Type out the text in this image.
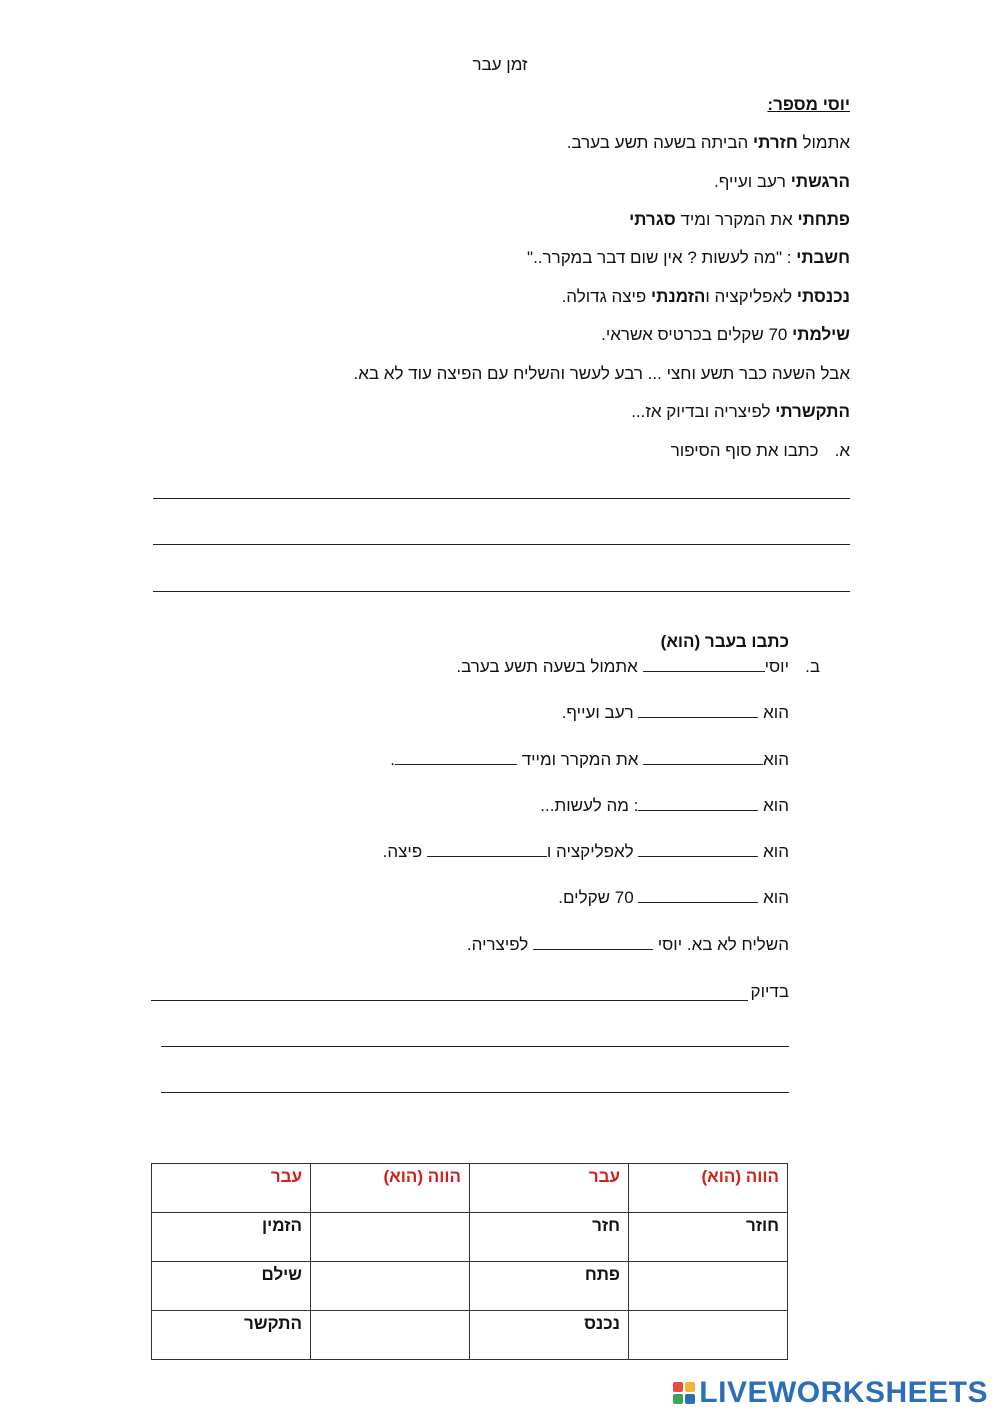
זמן עבר
יוסי מספר:
אתמול חזרתי הביתה בשעה תשע בערב.
הרגשתי רעב ועייף.
פתחתי את המקרר ומיד סגרתי
חשבתי : "מה לעשות ? אין שום דבר במקרר.."
נכנסתי לאפליקציה והזמנתי פיצה גדולה.
שילמתי 70 שקלים בכרטיס אשראי.
אבל השעה כבר תשע וחצי ... רבע לעשר והשליח עם הפיצה עוד לא בא.
התקשרתי לפיצריה ובדיוק אז...
א.כתבו את סוף הסיפור
כתבו בעבר (הוא)
ב.
יוסי אתמול בשעה תשע בערב.
הוא  רעב ועייף.
הוא את המקרר ומייד .
הוא : מה לעשות...
הוא  לאפליקציה ו פיצה.
הוא  70 שקלים.
השליח לא בא. יוסי  לפיצריה.
בדיוק
הווה (הוא)	עבר	הווה (הוא)	עבר
חוזר	חזר		הזמין
	פתח		שילם
	נכנס		התקשר
LIVEWORKSHEETS
